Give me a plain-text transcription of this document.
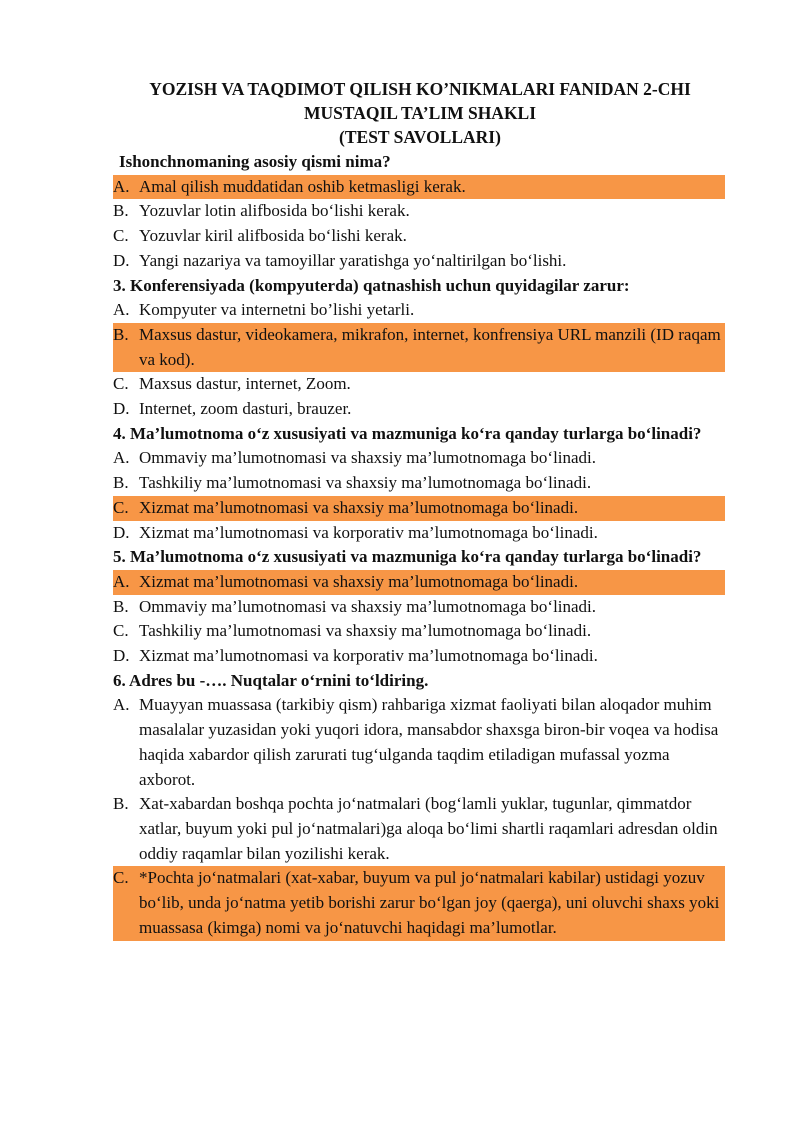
YOZISH VA TAQDIMOT QILISH KO’NIKMALARI FANIDAN 2-CHI
MUSTAQIL TA’LIM SHAKLI
(TEST SAVOLLARI)
Ishonchnomaning asosiy qismi nima?
A. Amal qilish muddatidan oshib ketmasligi kerak.
B. Yozuvlar lotin alifbosida bo‘lishi kerak.
C. Yozuvlar kiril alifbosida bo‘lishi kerak.
D. Yangi nazariya va tamoyillar yaratishga yo‘naltirilgan bo‘lishi.
3. Konferensiyada (kompyuterda) qatnashish uchun quyidagilar zarur:
A. Kompyuter va internetni bo’lishi yetarli.
B. Maxsus dastur, videokamera, mikrafon, internet, konfrensiya URL manzili (ID raqam va kod).
C. Maxsus dastur, internet, Zoom.
D. Internet, zoom dasturi, brauzer.
4. Ma’lumotnoma o‘z xususiyati va mazmuniga ko‘ra qanday turlarga bo‘linadi?
A. Ommaviy ma’lumotnomasi va shaxsiy ma’lumotnomaga bo‘linadi.
B. Tashkiliy ma’lumotnomasi va shaxsiy ma’lumotnomaga bo‘linadi.
C. Xizmat ma’lumotnomasi va shaxsiy ma’lumotnomaga bo‘linadi.
D. Xizmat ma’lumotnomasi va korporativ ma’lumotnomaga bo‘linadi.
5. Ma’lumotnoma o‘z xususiyati va mazmuniga ko‘ra qanday turlarga bo‘linadi?
A. Xizmat ma’lumotnomasi va shaxsiy ma’lumotnomaga bo‘linadi.
B. Ommaviy ma’lumotnomasi va shaxsiy ma’lumotnomaga bo‘linadi.
C. Tashkiliy ma’lumotnomasi va shaxsiy ma’lumotnomaga bo‘linadi.
D. Xizmat ma’lumotnomasi va korporativ ma’lumotnomaga bo‘linadi.
6. Adres bu -…. Nuqtalar o‘rnini to‘ldiring.
A. Muayyan muassasa (tarkibiy qism) rahbariga xizmat faoliyati bilan aloqador muhim masalalar yuzasidan yoki yuqori idora, mansabdor shaxsga biron-bir voqea va hodisa haqida xabardor qilish zarurati tug‘ulganda taqdim etiladigan mufassal yozma axborot.
B. Xat-xabardan boshqa pochta jo‘natmalari (bog‘lamli yuklar, tugunlar, qimmatdor xatlar, buyum yoki pul jo‘natmalari)ga aloqa bo‘limi shartli raqamlari adresdan oldin oddiy raqamlar bilan yozilishi kerak.
C. *Pochta jo‘natmalari (xat-xabar, buyum va pul jo‘natmalari kabilar) ustidagi yozuv bo‘lib, unda jo‘natma yetib borishi zarur bo‘lgan joy (qaerga), uni oluvchi shaxs yoki muassasa (kimga) nomi va jo‘natuvchi haqidagi ma’lumotlar.
